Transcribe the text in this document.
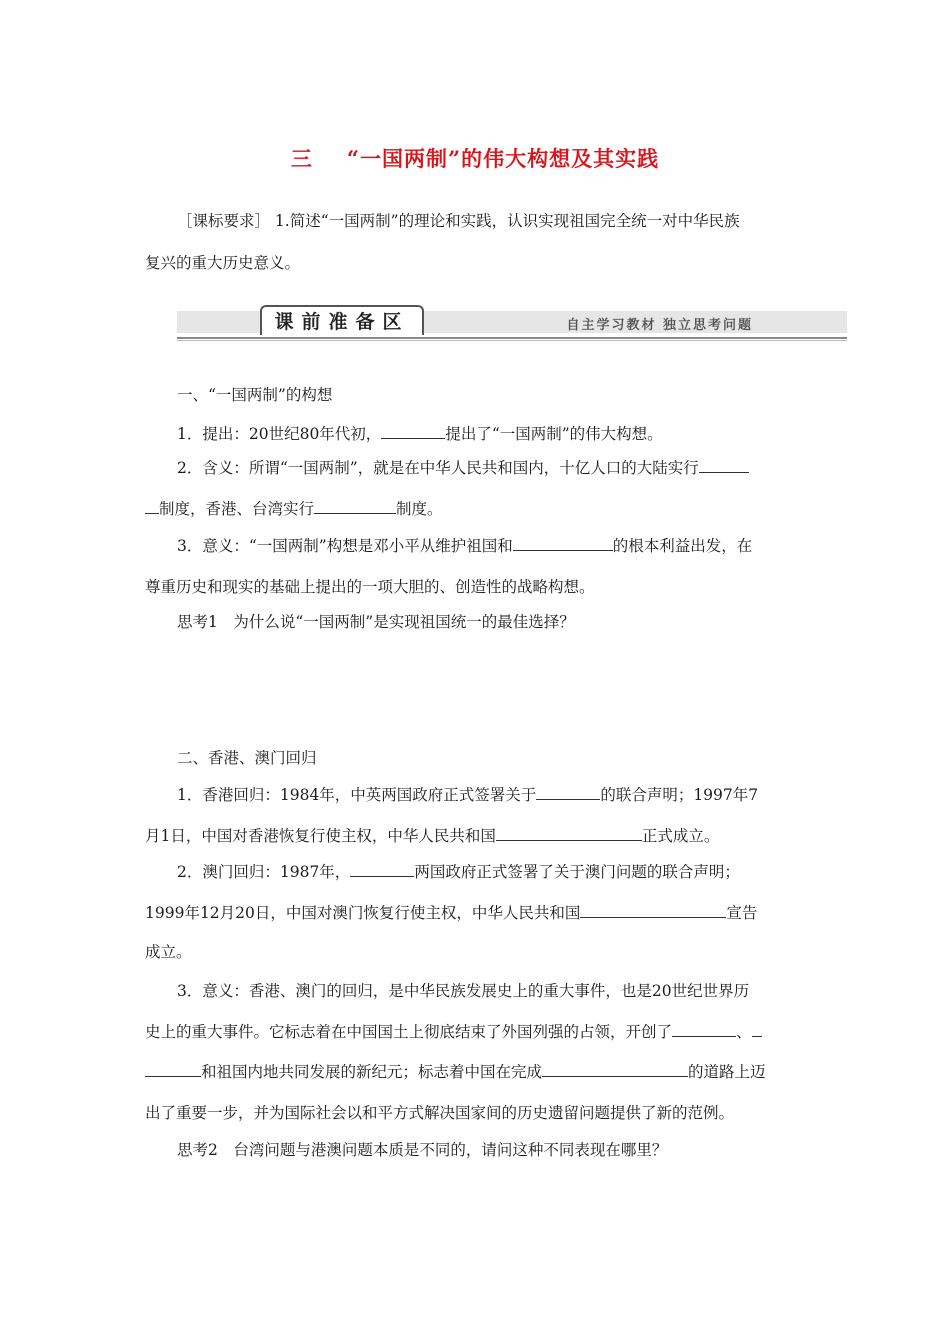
三 “一国两制”的伟大构想及其实践
［课标要求］ 1.简述“一国两制”的理论和实践，认识实现祖国完全统一对中华民族
复兴的重大历史意义。
课前准备区	自主学习教材 独立思考问题
一、“一国两制”的构想
1．提出：20世纪80年代初，	提出了“一国两制”的伟大构想。
2．含义：所谓“一国两制”，就是在中华人民共和国内，十亿人口的大陆实行
制度，香港、台湾实行	制度。
3．意义：“一国两制”构想是邓小平从维护祖国和	的根本利益出发，在
尊重历史和现实的基础上提出的一项大胆的、创造性的战略构想。
思考1　为什么说“一国两制”是实现祖国统一的最佳选择？
二、香港、澳门回归
1．香港回归：1984年，中英两国政府正式签署关于	的联合声明；1997年7
月1日，中国对香港恢复行使主权，中华人民共和国	正式成立。
2．澳门回归：1987年，	两国政府正式签署了关于澳门问题的联合声明；
1999年12月20日，中国对澳门恢复行使主权，中华人民共和国	宣告
成立。
3．意义：香港、澳门的回归，是中华民族发展史上的重大事件，也是20世纪世界历
史上的重大事件。它标志着在中国国土上彻底结束了外国列强的占领，开创了	、
和祖国内地共同发展的新纪元；标志着中国在完成	的道路上迈
出了重要一步，并为国际社会以和平方式解决国家间的历史遗留问题提供了新的范例。
思考2　台湾问题与港澳问题本质是不同的，请问这种不同表现在哪里？
